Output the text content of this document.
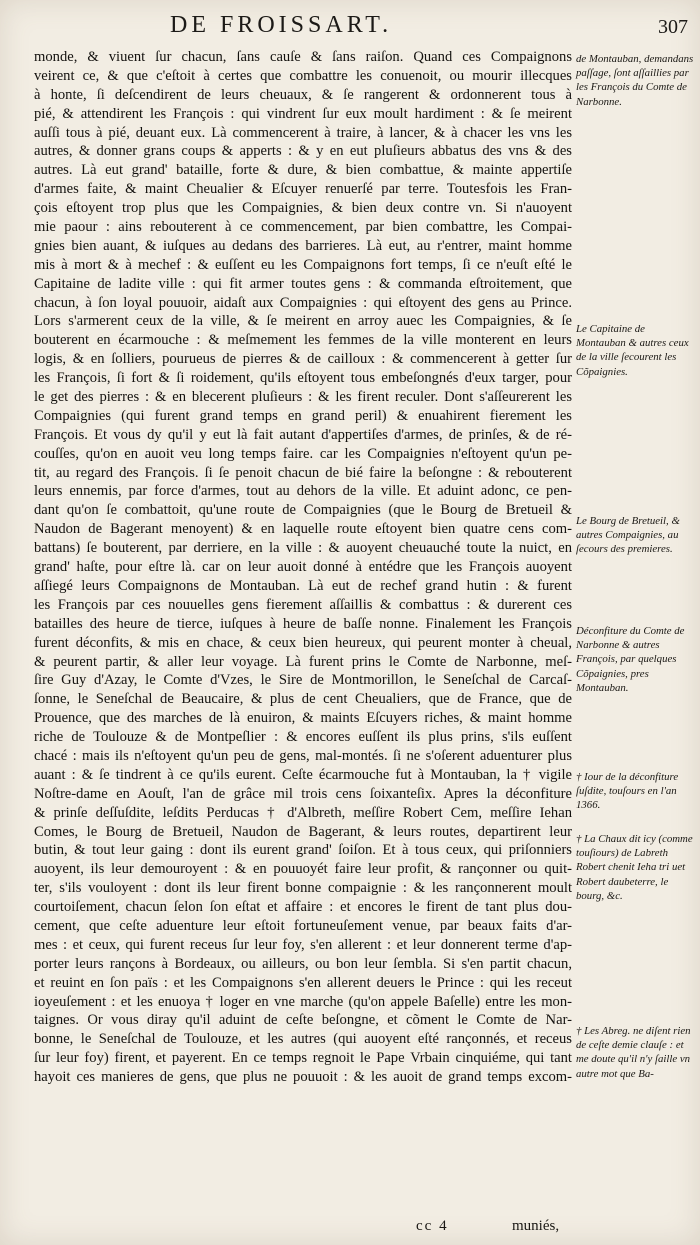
DE FROISSART.	307
monde, & viuent ſur chacun, ſans cauſe & ſans raiſon. Quand ces Compaignons
veirent ce, & que c'eſtoit à certes que combattre les conuenoit, ou mourir illecques
à honte, ſi deſcendirent de leurs cheuaux, & ſe rangerent & ordonnerent tous à
pié, & attendirent les François : qui vindrent ſur eux moult hardiment : & ſe meirent
auſſi tous à pié, deuant eux. Là commencerent à traire, à lancer, & à chacer les vns les
autres, & donner grans coups & apperts : & y en eut pluſieurs abbatus des vns & des
autres. Là eut grand' bataille, forte & dure, & bien combattue, & mainte appertiſe
d'armes faite, & maint Cheualier & Eſcuyer renuerſé par terre. Toutesfois les Fran-
çois eſtoyent trop plus que les Compaignies, & bien deux contre vn. Si n'auoyent
mie paour : ains rebouterent à ce commencement, par bien combattre, les Compai-
gnies bien auant, & iuſques au dedans des barrieres. Là eut, au r'entrer, maint homme
mis à mort & à mechef : & euſſent eu les Compaignons fort temps, ſi ce n'euſt eſté le
Capitaine de ladite ville : qui fit armer toutes gens : & commanda eſtroitement, que
chacun, à ſon loyal pouuoir, aidaſt aux Compaignies : qui eſtoyent des gens au Prince.
Lors s'armerent ceux de la ville, & ſe meirent en arroy auec les Compaignies, & ſe
bouterent en écarmouche : & meſmement les femmes de la ville monterent en leurs
logis, & en ſolliers, pourueus de pierres & de cailloux : & commencerent à getter ſur
les François, ſi fort & ſi roidement, qu'ils eſtoyent tous embeſongnés d'eux targer, pour
le get des pierres : & en blecerent pluſieurs : & les firent reculer. Dont s'aſſeurerent les
Compaignies (qui furent grand temps en grand peril) & enuahirent fierement les
François. Et vous dy qu'il y eut là fait autant d'appertiſes d'armes, de prinſes, & de ré-
couſſes, qu'on en auoit veu long temps faire. car les Compaignies n'eſtoyent qu'un pe-
tit, au regard des François. ſi ſe penoit chacun de bié faire la beſongne : & rebouterent
leurs ennemis, par force d'armes, tout au dehors de la ville. Et aduint adonc, ce pen-
dant qu'on ſe combattoit, qu'une route de Compaignies (que le Bourg de Bretueil &
Naudon de Bagerant menoyent) & en laquelle route eſtoyent bien quatre cens com-
battans) ſe bouterent, par derriere, en la ville : & auoyent cheuauché toute la nuict, en
grand' haſte, pour eſtre là. car on leur auoit donné à entédre que les François auoyent
aſſiegé leurs Compaignons de Montauban. Là eut de rechef grand hutin : & furent
les François par ces nouuelles gens fierement aſſaillis & combattus : & durerent ces
batailles des heure de tierce, iuſques à heure de baſſe nonne. Finalement les François
furent déconfits, & mis en chace, & ceux bien heureux, qui peurent monter à cheual,
& peurent partir, & aller leur voyage. Là furent prins le Comte de Narbonne, meſ-
ſire Guy d'Azay, le Comte d'Vzes, le Sire de Montmorillon, le Seneſchal de Carcaſ-
ſonne, le Seneſchal de Beaucaire, & plus de cent Cheualiers, que de France, que de
Prouence, que des marches de là enuiron, & maints Eſcuyers riches, & maint homme
riche de Toulouze & de Montpeſlier : & encores euſſent ils plus prins, s'ils euſſent
chacé : mais ils n'eſtoyent qu'un peu de gens, mal-montés. ſi ne s'oſerent aduenturer plus
auant : & ſe tindrent à ce qu'ils eurent. Ceſte écarmouche fut à Montauban, la † vigile
Noſtre-dame en Aouſt, l'an de grâce mil trois cens ſoixanteſix. Apres la déconfiture
& prinſe deſſuſdite, leſdits Perducas † d'Albreth, meſſire Robert Cem, meſſire Iehan
Comes, le Bourg de Bretueil, Naudon de Bagerant, & leurs routes, departirent leur
butin, & tout leur gaing : dont ils eurent grand' ſoiſon. Et à tous ceux, qui priſonniers
auoyent, ils leur demouroyent : & en pouuoyét faire leur profit, & rançonner ou quit-
ter, s'ils vouloyent : dont ils leur firent bonne compaignie : & les rançonnerent moult
courtoiſement, chacun ſelon ſon eſtat et affaire : et encores le firent de tant plus dou-
cement, que ceſte aduenture leur eſtoit fortuneuſement venue, par beaux faits d'ar-
mes : et ceux, qui furent receus ſur leur foy, s'en allerent : et leur donnerent terme d'ap-
porter leurs rançons à Bordeaux, ou ailleurs, ou bon leur ſembla. Si s'en partit chacun,
et reuint en ſon païs : et les Compaignons s'en allerent deuers le Prince : qui les receut
ioyeuſement : et les enuoya † loger en vne marche (qu'on appele Baſelle) entre les mon-
taignes. Or vous diray qu'il aduint de ceſte beſongne, et cõment le Comte de Nar-
bonne, le Seneſchal de Toulouze, et les autres (qui auoyent eſté rançonnés, et receus
ſur leur foy) firent, et payerent. En ce temps regnoit le Pape Vrbain cinquiéme, qui tant
hayoit ces manieres de gens, que plus ne pouuoit : & les auoit de grand temps excom-
de Montauban, demandans paſſage, ſont aſſaillies par les François du Comte de Narbonne.
Le Capitaine de Montauban & autres ceux de la ville ſecourent les Cõpaignies.
Le Bourg de Bretueil, & autres Compaignies, au ſecours des premieres.
Déconfiture du Comte de Narbonne & autres François, par quelques Cõpaignies, pres Montauban.
† Iour de la déconfiture ſuſdite, touſours en l'an 1366.
† La Chaux dit icy (comme touſiours) de Labreth Robert chenit Ieha tri uet Robert daubeterre, le bourg, &c.
† Les Abreg. ne diſent rien de ceſte demie clauſe : et me doute qu'il n'y ſaille vn autre mot que Ba-
cc 4	muniés,
